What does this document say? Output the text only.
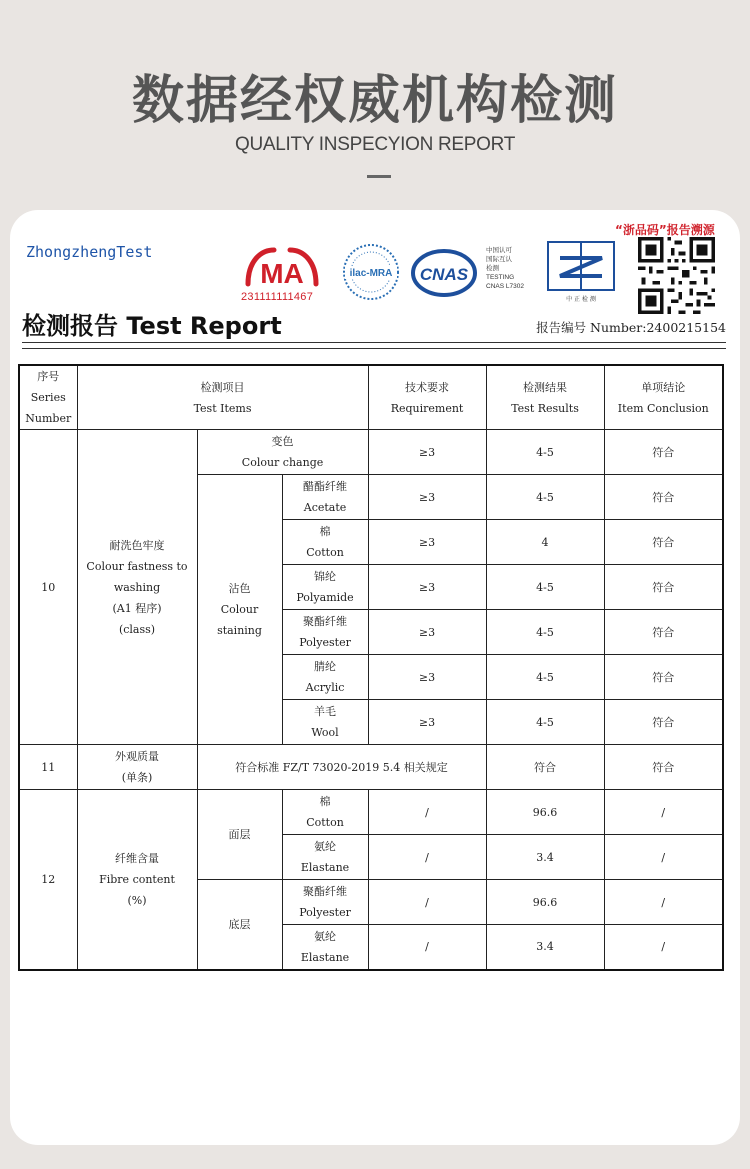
数据经权威机构检测
QUALITY INSPECYION REPORT
ZhongzhengTest
“浙品码”报告溯源
MA
231111111467
ilac-MRA CNAS
中国认可
国际互认
检测
TESTING
CNAS L7302
中 正 检 测
检测报告 Test Report	报告编号 Number:2400215154
序号
Series
Number	检测项目
Test Items			技术要求
Requirement	检测结果
Test Results	单项结论
Item Conclusion

10	耐洗色牢度
Colour fastness to
washing
(A1 程序)
(class)	变色
Colour change		≥3	4-5	符合

		沾色
Colour
staining	醋酯纤维
Acetate	≥3	4-5	符合

			棉
Cotton	≥3	4	符合

			锦纶
Polyamide	≥3	4-5	符合

			聚酯纤维
Polyester	≥3	4-5	符合

			腈纶
Acrylic	≥3	4-5	符合

			羊毛
Wool	≥3	4-5	符合
11	外观质量
(单条)	符合标准 FZ/T 73020-2019 5.4 相关规定			符合	符合
12	纤维含量
Fibre content
(%)	面层	棉
Cotton	/	96.6	/

			氨纶
Elastane	/	3.4	/
		底层	聚酯纤维
Polyester	/	96.6	/

			氨纶
Elastane	/	3.4	/
